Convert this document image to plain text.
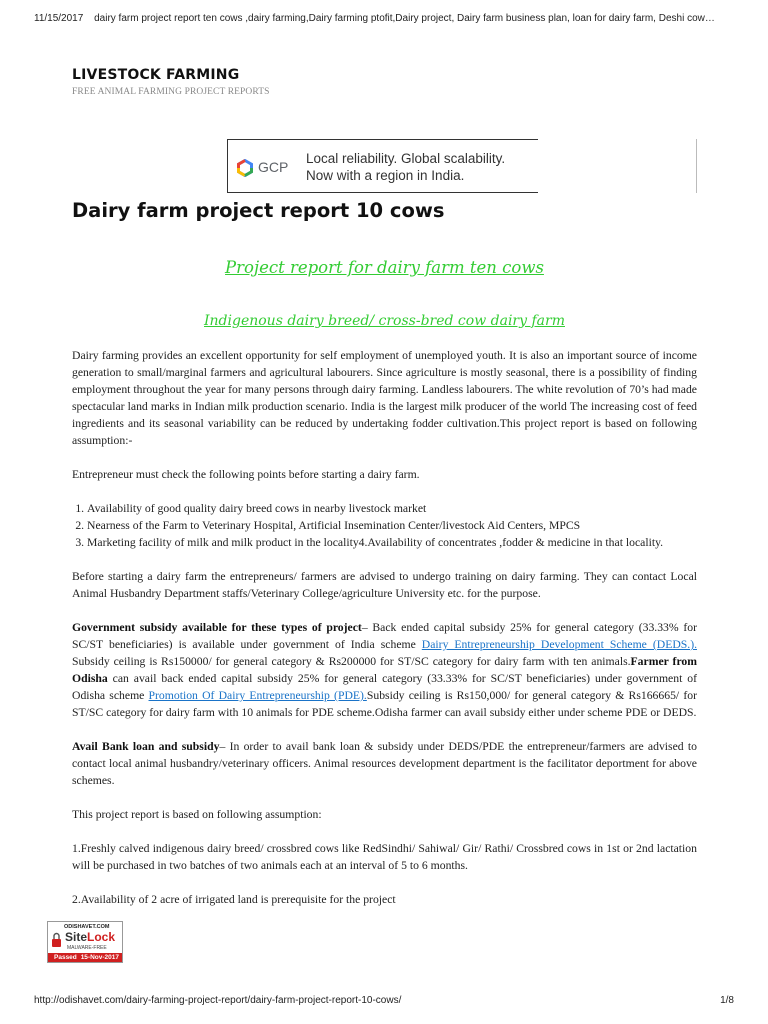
11/15/2017 dairy farm project report ten cows ,dairy farming,Dairy farming ptofit,Dairy project, Dairy farm business plan, loan for dairy farm, Deshi cow…
LIVESTOCK FARMING
FREE ANIMAL FARMING PROJECT REPORTS
GCP
Local reliability. Global scalability.
Now with a region in India.
Dairy farm project report 10 cows
Project report for dairy farm ten cows
Indigenous dairy breed/ cross-bred cow dairy farm

Dairy farming provides an excellent opportunity for self employment of unemployed youth. It is also an important source of income generation to small/marginal farmers and agricultural labourers. Since agriculture is mostly seasonal, there is a possibility of finding employment throughout the year for many persons through dairy farming. Landless labourers. The white revolution of 70’s had made spectacular land marks in Indian milk production scenario. India is the largest milk producer of the world The increasing cost of feed ingredients and its seasonal variability can be reduced by undertaking fodder cultivation.This project report is based on following assumption:-

Entrepreneur must check the following points before starting a dairy farm.

1. Availability of good quality dairy breed cows in nearby livestock market
2. Nearness of the Farm to Veterinary Hospital, Artificial Insemination Center/livestock Aid Centers, MPCS
3. Marketing facility of milk and milk product in the locality4.Availability of concentrates ,fodder & medicine in that locality.

Before starting a dairy farm the entrepreneurs/ farmers are advised to undergo training on dairy farming. They can contact Local Animal Husbandry Department staffs/Veterinary College/agriculture University etc. for the purpose.

Government subsidy available for these types of project– Back ended capital subsidy 25% for general category (33.33% for SC/ST beneficiaries) is available under government of India scheme Dairy Entrepreneurship Development Scheme (DEDS.). Subsidy ceiling is Rs150000/ for general category & Rs200000 for ST/SC category for dairy farm with ten animals.Farmer from Odisha can avail back ended capital subsidy 25% for general category (33.33% for SC/ST beneficiaries) under government of Odisha scheme Promotion Of Dairy Entrepreneurship (PDE).Subsidy ceiling is Rs150,000/ for general category & Rs166665/ for ST/SC category for dairy farm with 10 animals for PDE scheme.Odisha farmer can avail subsidy either under scheme PDE or DEDS.

Avail Bank loan and subsidy– In order to avail bank loan & subsidy under DEDS/PDE the entrepreneur/farmers are advised to contact local animal husbandry/veterinary officers. Animal resources development department is the facilitator deportment for above schemes.

This project report is based on following assumption:

1.Freshly calved indigenous dairy breed/ crossbred cows like RedSindhi/ Sahiwal/ Gir/ Rathi/ Crossbred cows in 1st or 2nd lactation will be purchased in two batches of two animals each at an interval of 5 to 6 months.

2.Availability of 2 acre of irrigated land is prerequisite for the project

ODISHAVET.COM
SiteLock
MALWARE-FREE
Passed 15-Nov-2017
http://odishavet.com/dairy-farming-project-report/dairy-farm-project-report-10-cows/	1/8
